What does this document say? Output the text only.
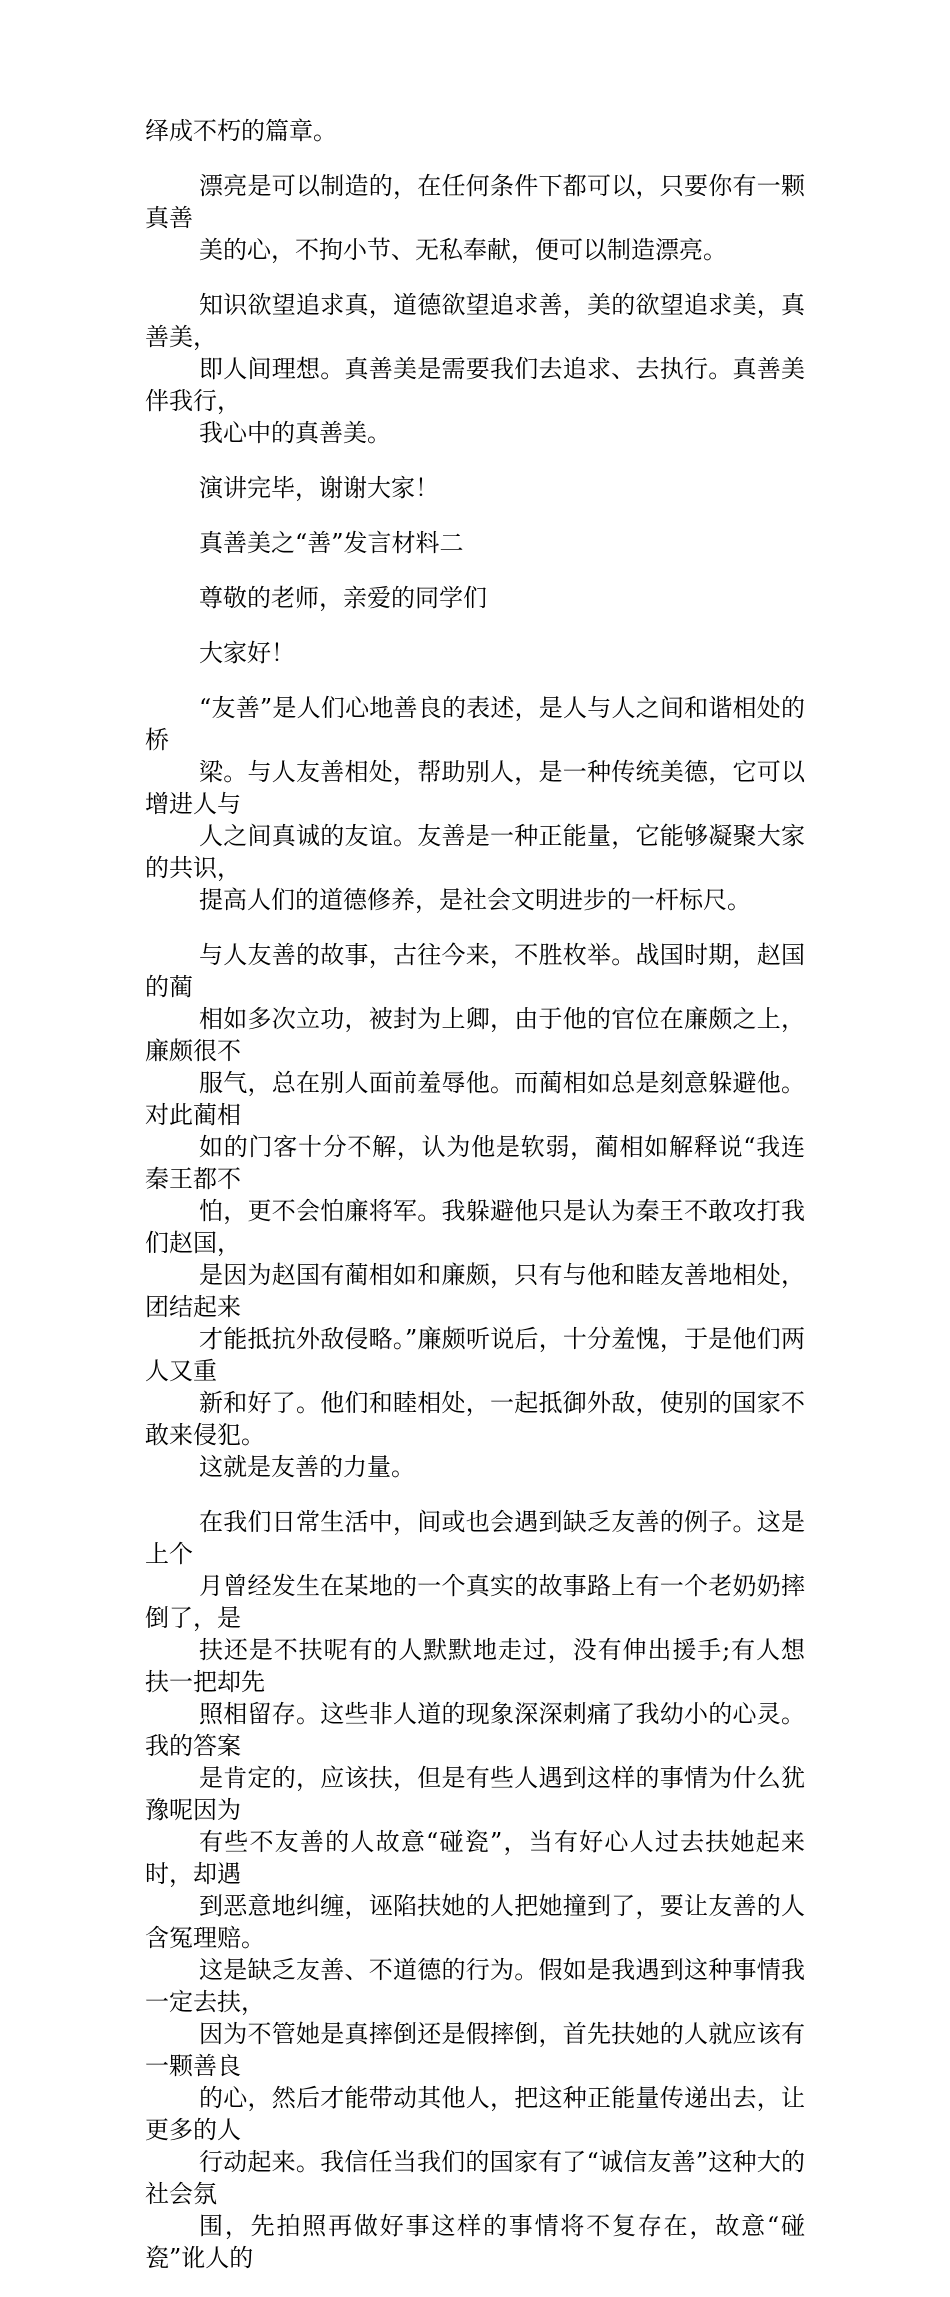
绎成不朽的篇章。

漂亮是可以制造的，在任何条件下都可以，只要你有一颗真善
美的心，不拘小节、无私奉献，便可以制造漂亮。

知识欲望追求真，道德欲望追求善，美的欲望追求美，真善美，
即人间理想。真善美是需要我们去追求、去执行。真善美伴我行，
我心中的真善美。

演讲完毕，谢谢大家！

真善美之“善”发言材料二

尊敬的老师，亲爱的同学们

大家好！

“友善”是人们心地善良的表述，是人与人之间和谐相处的桥
梁。与人友善相处，帮助别人，是一种传统美德，它可以增进人与
人之间真诚的友谊。友善是一种正能量，它能够凝聚大家的共识，
提高人们的道德修养，是社会文明进步的一杆标尺。

与人友善的故事，古往今来，不胜枚举。战国时期，赵国的蔺
相如多次立功，被封为上卿，由于他的官位在廉颇之上，廉颇很不
服气，总在别人面前羞辱他。而蔺相如总是刻意躲避他。对此蔺相
如的门客十分不解，认为他是软弱，蔺相如解释说“我连秦王都不
怕，更不会怕廉将军。我躲避他只是认为秦王不敢攻打我们赵国，
是因为赵国有蔺相如和廉颇，只有与他和睦友善地相处，团结起来
才能抵抗外敌侵略。”廉颇听说后，十分羞愧，于是他们两人又重
新和好了。他们和睦相处，一起抵御外敌，使别的国家不敢来侵犯。
这就是友善的力量。

在我们日常生活中，间或也会遇到缺乏友善的例子。这是上个
月曾经发生在某地的一个真实的故事路上有一个老奶奶摔倒了，是
扶还是不扶呢有的人默默地走过，没有伸出援手;有人想扶一把却先
照相留存。这些非人道的现象深深刺痛了我幼小的心灵。我的答案
是肯定的，应该扶，但是有些人遇到这样的事情为什么犹豫呢因为
有些不友善的人故意“碰瓷”，当有好心人过去扶她起来时，却遇
到恶意地纠缠，诬陷扶她的人把她撞到了，要让友善的人含冤理赔。
这是缺乏友善、不道德的行为。假如是我遇到这种事情我一定去扶，
因为不管她是真摔倒还是假摔倒，首先扶她的人就应该有一颗善良
的心，然后才能带动其他人，把这种正能量传递出去，让更多的人
行动起来。我信任当我们的国家有了“诚信友善”这种大的社会氛
围，先拍照再做好事这样的事情将不复存在，故意“碰瓷”讹人的
